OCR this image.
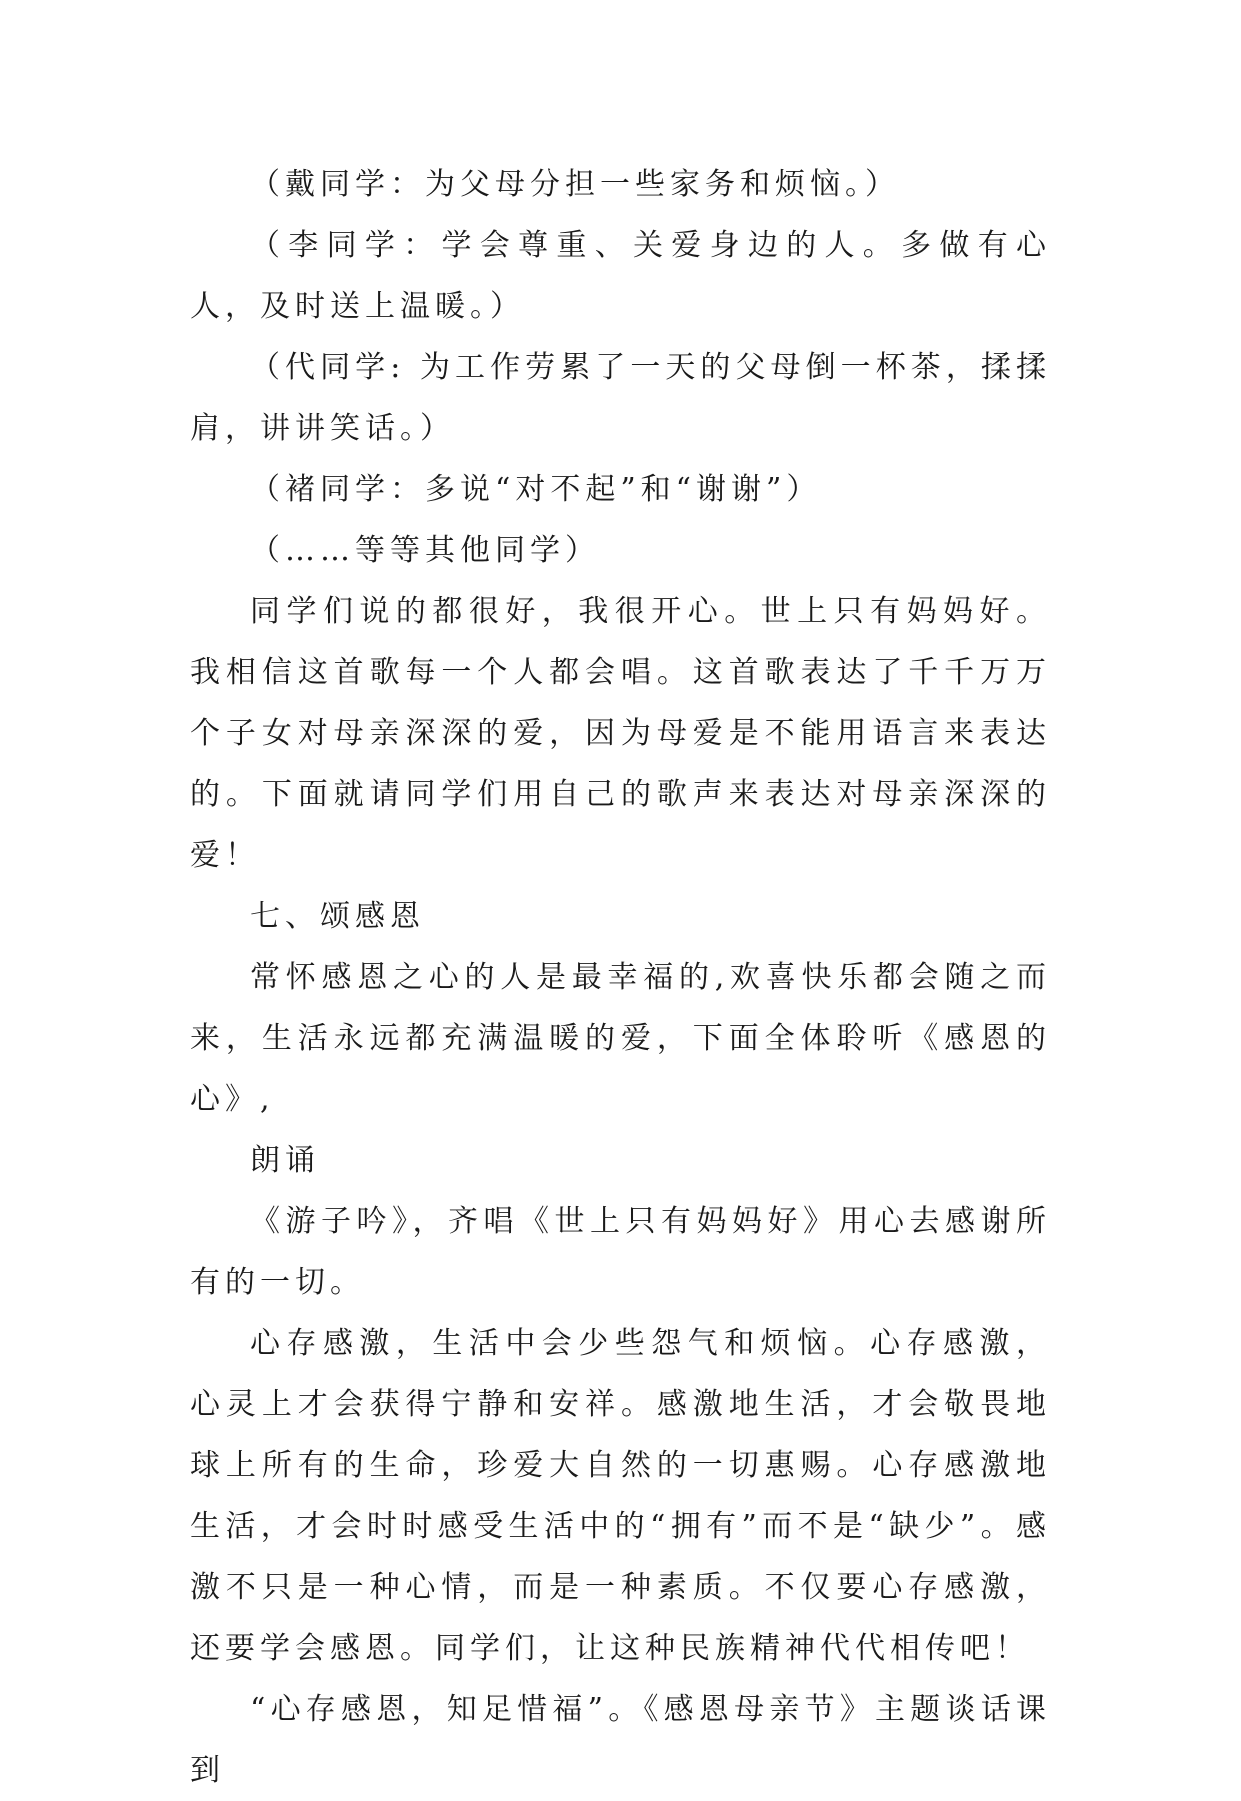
（戴同学：为父母分担一些家务和烦恼。）

（李同学：学会尊重、关爱身边的人。多做有心人，及时送上温暖。）

（代同学: 为工作劳累了一天的父母倒一杯茶，揉揉肩，讲讲笑话。）

（褚同学：多说“对不起”和“谢谢”）

（……等等其他同学）

同学们说的都很好，我很开心。世上只有妈妈好。我相信这首歌每一个人都会唱。这首歌表达了千千万万个子女对母亲深深的爱，因为母爱是不能用语言来表达的。下面就请同学们用自己的歌声来表达对母亲深深的爱！

七、颂感恩

常怀感恩之心的人是最幸福的,欢喜快乐都会随之而来，生活永远都充满温暖的爱，下面全体聆听《感恩的心》,

朗诵

《游子吟》，齐唱《世上只有妈妈好》用心去感谢所有的一切。

心存感激，生活中会少些怨气和烦恼。心存感激，心灵上才会获得宁静和安祥。感激地生活，才会敬畏地球上所有的生命，珍爱大自然的一切惠赐。心存感激地生活，才会时时感受生活中的“拥有”而不是“缺少”。感激不只是一种心情，而是一种素质。不仅要心存感激，还要学会感恩。同学们，让这种民族精神代代相传吧！

“心存感恩，知足惜福”。《感恩母亲节》主题谈话课到
